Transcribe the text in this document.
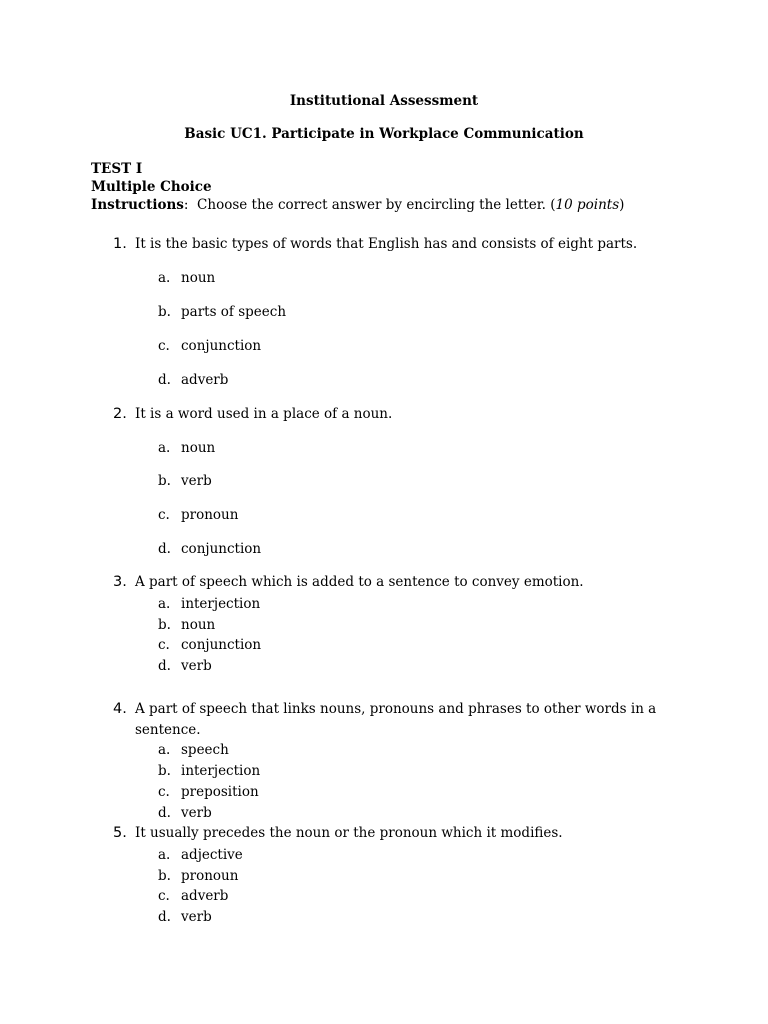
Institutional Assessment
Basic UC1. Participate in Workplace Communication
TEST I
Multiple Choice
Instructions:  Choose the correct answer by encircling the letter. (10 points)
1. It is the basic types of words that English has and consists of eight parts.
a. noun
b. parts of speech
c. conjunction
d. adverb
2. It is a word used in a place of a noun.
a. noun
b. verb
c. pronoun
d. conjunction
3. A part of speech which is added to a sentence to convey emotion.
a. interjection
b. noun
c. conjunction
d. verb
4. A part of speech that links nouns, pronouns and phrases to other words in a
sentence.
a. speech
b. interjection
c. preposition
d. verb
5. It usually precedes the noun or the pronoun which it modifies.
a. adjective
b. pronoun
c. adverb
d. verb
